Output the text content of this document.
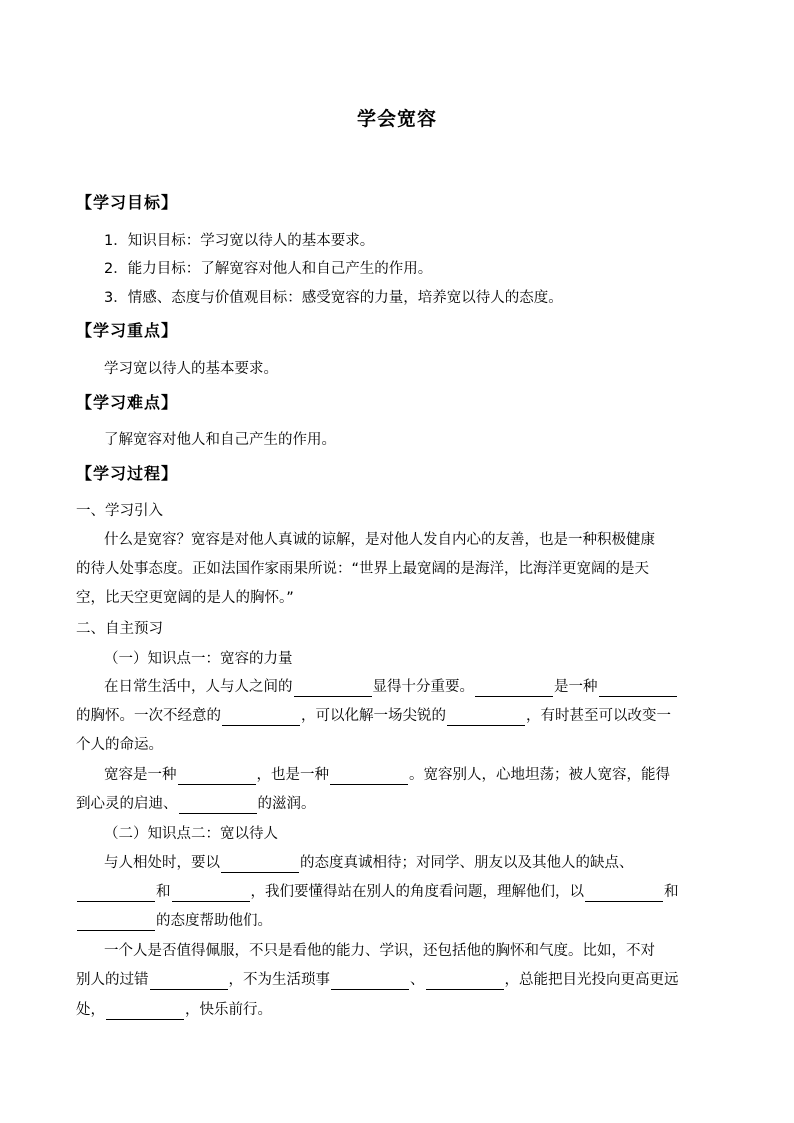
学会宽容
【学习目标】
1．知识目标：学习宽以待人的基本要求。
2．能力目标：了解宽容对他人和自己产生的作用。
3．情感、态度与价值观目标：感受宽容的力量，培养宽以待人的态度。
【学习重点】
学习宽以待人的基本要求。
【学习难点】
了解宽容对他人和自己产生的作用。
【学习过程】
一、学习引入
什么是宽容？宽容是对他人真诚的谅解，是对他人发自内心的友善，也是一种积极健康
的待人处事态度。正如法国作家雨果所说：“世界上最宽阔的是海洋，比海洋更宽阔的是天
空，比天空更宽阔的是人的胸怀。”
二、自主预习
（一）知识点一：宽容的力量
在日常生活中，人与人之间的	显得十分重要。	是一种
的胸怀。一次不经意的	，可以化解一场尖锐的	，有时甚至可以改变一
个人的命运。
宽容是一种	，也是一种	。宽容别人，心地坦荡；被人宽容，能得
到心灵的启迪、	的滋润。
（二）知识点二：宽以待人
与人相处时，要以	的态度真诚相待；对同学、朋友以及其他人的缺点、
和	，我们要懂得站在别人的角度看问题，理解他们，以	和
的态度帮助他们。
一个人是否值得佩服，不只是看他的能力、学识，还包括他的胸怀和气度。比如，不对
别人的过错	，不为生活琐事	、	，总能把目光投向更高更远
处，	，快乐前行。
